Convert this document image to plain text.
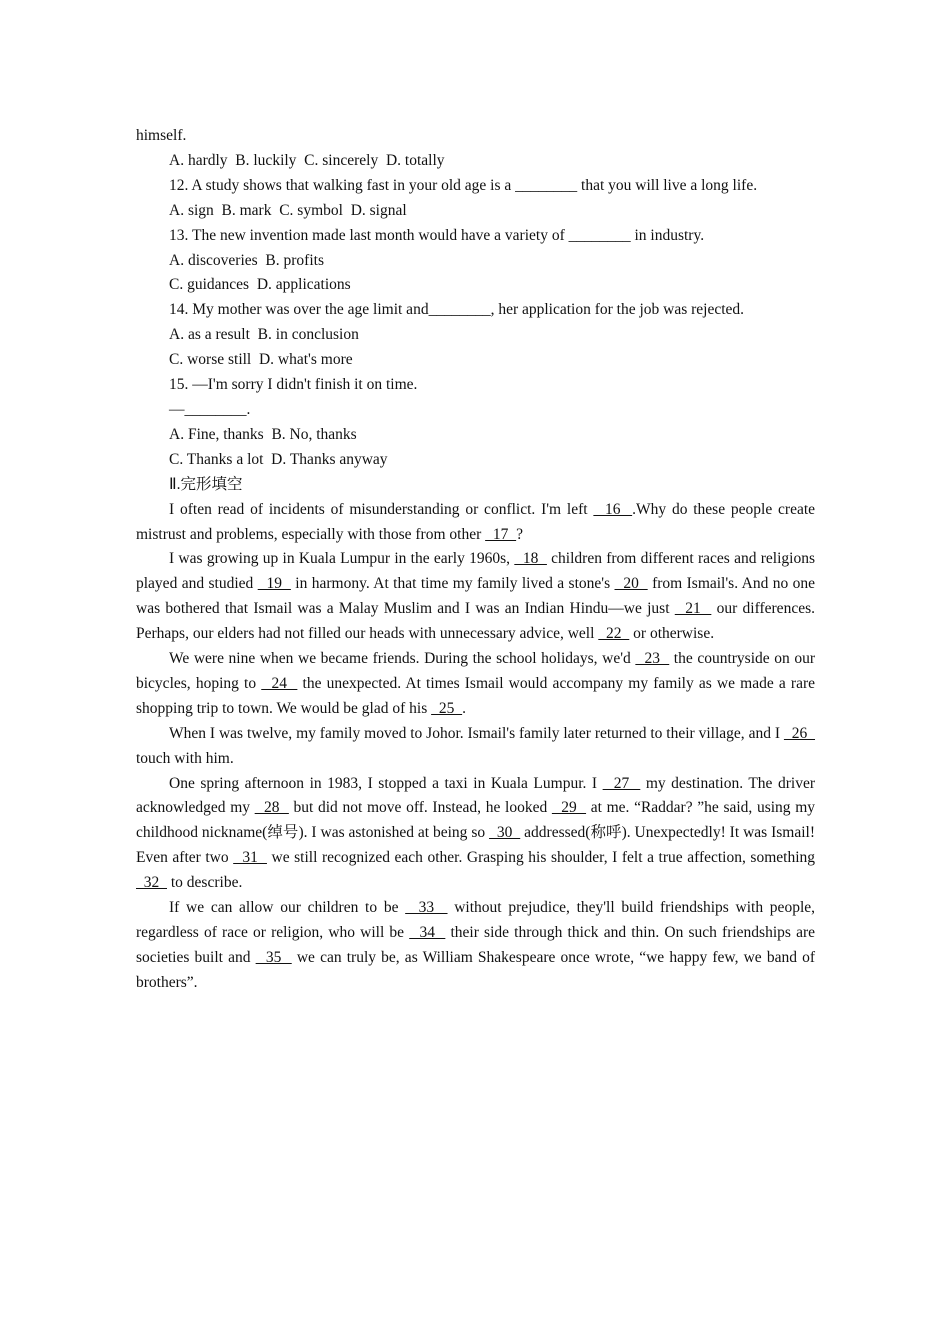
himself.

A. hardly  B. luckily  C. sincerely  D. totally

12. A study shows that walking fast in your old age is a ________ that you will live a long life.

A. sign  B. mark  C. symbol  D. signal

13. The new invention made last month would have a variety of ________ in industry.

A. discoveries  B. profits

C. guidances  D. applications

14. My mother was over the age limit and________, her application for the job was rejected.

A. as a result  B. in conclusion

C. worse still  D. what's more

15. —I'm sorry I didn't finish it on time.

—________.

A. Fine, thanks  B. No, thanks

C. Thanks a lot  D. Thanks anyway

Ⅱ.完形填空

I often read of incidents of misunderstanding or conflict. I'm left   16  .Why do these people create mistrust and problems, especially with those from other   17  ?

I was growing up in Kuala Lumpur in the early 1960s,   18   children from different races and religions played and studied   19   in harmony. At that time my family lived a stone's   20   from Ismail's. And no one was bothered that Ismail was a Malay Muslim and I was an Indian Hindu—we just   21   our differences. Perhaps, our elders had not filled our heads with unnecessary advice, well   22   or otherwise.

We were nine when we became friends. During the school holidays, we'd   23   the countryside on our bicycles, hoping to   24   the unexpected. At times Ismail would accompany my family as we made a rare shopping trip to town. We would be glad of his   25  .

When I was twelve, my family moved to Johor. Ismail's family later returned to their village, and I   26   touch with him.

One spring afternoon in 1983, I stopped a taxi in Kuala Lumpur. I   27   my destination. The driver acknowledged my   28   but did not move off. Instead, he looked   29   at me. “Raddar? ”he said, using my childhood nickname(绰号). I was astonished at being so   30   addressed(称呼). Unexpectedly! It was Ismail! Even after two   31   we still recognized each other. Grasping his shoulder, I felt a true affection, something   32   to describe.

If we can allow our children to be   33   without prejudice, they'll build friendships with people, regardless of race or religion, who will be   34   their side through thick and thin. On such friendships are societies built and   35   we can truly be, as William Shakespeare once wrote, “we happy few, we band of brothers”.
